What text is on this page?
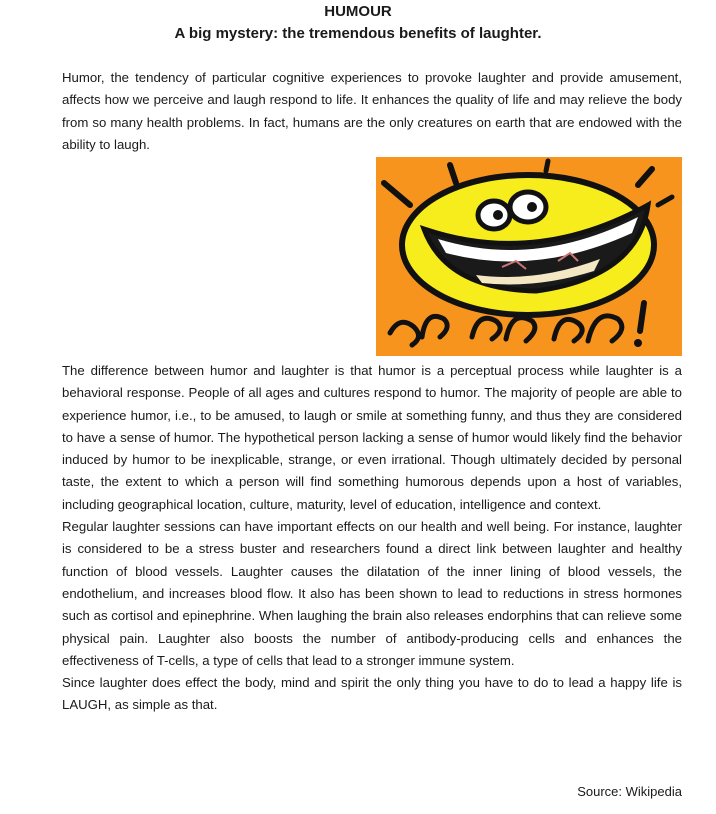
HUMOUR
A big mystery: the tremendous benefits of laughter.

Humor, the tendency of particular cognitive experiences to provoke laughter and provide amusement, affects how we perceive and laugh respond to life. It enhances the quality of life and may relieve the body from so many health problems. In fact, humans are the only creatures on earth that are endowed with the ability to laugh.

The difference between humor and laughter is that humor is a perceptual process while laughter is a behavioral response. People of all ages and cultures respond to humor. The majority of people are able to experience humor, i.e., to be amused, to laugh or smile at something funny, and thus they are considered to have a sense of humor. The hypothetical person lacking a sense of humor would likely find the behavior induced by humor to be inexplicable, strange, or even irrational. Though ultimately decided by personal taste, the extent to which a person will find something humorous depends upon a host of variables, including geographical location, culture, maturity, level of education, intelligence and context.
Regular laughter sessions can have important effects on our health and well being. For instance, laughter is considered to be a stress buster and researchers found a direct link between laughter and healthy function of blood vessels. Laughter causes the dilatation of the inner lining of blood vessels, the endothelium, and increases blood flow. It also has been shown to lead to reductions in stress hormones such as cortisol and epinephrine. When laughing the brain also releases endorphins that can relieve some physical pain. Laughter also boosts the number of antibody-producing cells and enhances the effectiveness of T-cells, a type of cells that lead to a stronger immune system.
Since laughter does effect the body, mind and spirit the only thing you have to do to lead a happy life is LAUGH, as simple as that.
Source: Wikipedia
